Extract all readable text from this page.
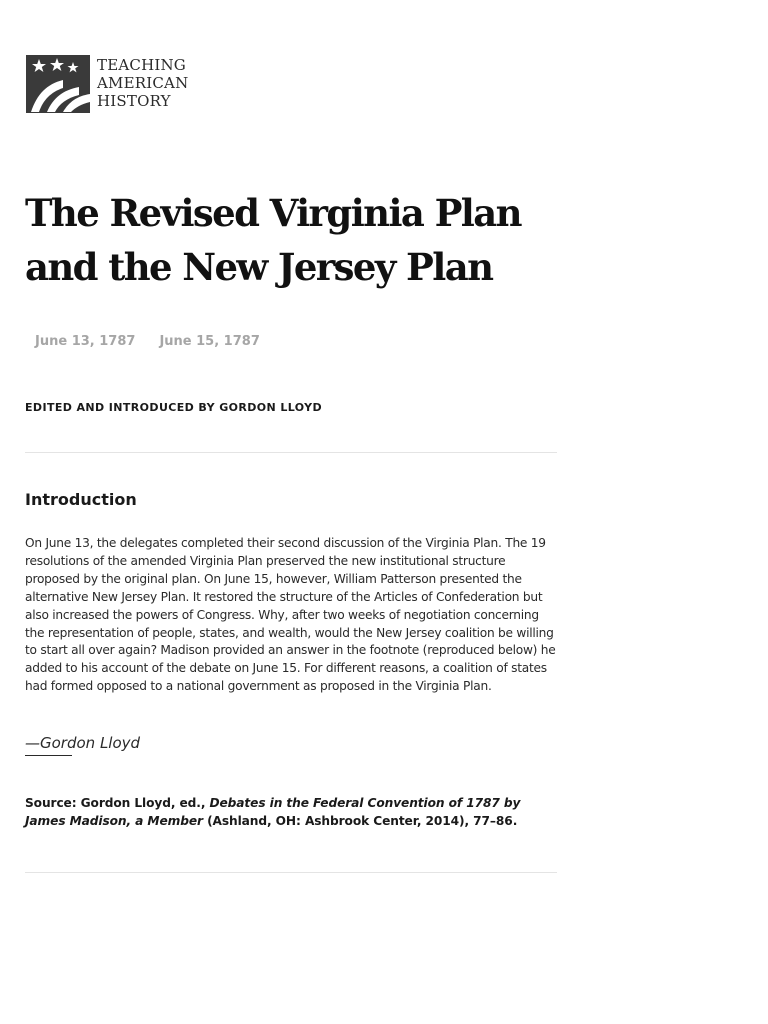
TEACHING
AMERICAN
HISTORY
The Revised Virginia Plan and the New Jersey Plan
June 13, 1787 June 15, 1787
EDITED AND INTRODUCED BY GORDON LLOYD
Introduction

On June 13, the delegates completed their second discussion of the Virginia Plan. The 19 resolutions of the amended Virginia Plan preserved the new institutional structure proposed by the original plan. On June 15, however, William Patterson presented the alternative New Jersey Plan. It restored the structure of the Articles of Confederation but also increased the powers of Congress. Why, after two weeks of negotiation concerning the representation of people, states, and wealth, would the New Jersey coalition be willing to start all over again? Madison provided an answer in the footnote (reproduced below) he added to his account of the debate on June 15. For different reasons, a coalition of states had formed opposed to a national government as proposed in the Virginia Plan.

—Gordon Lloyd

Source: Gordon Lloyd, ed., Debates in the Federal Convention of 1787 by James Madison, a Member (Ashland, OH: Ashbrook Center, 2014), 77–86.
